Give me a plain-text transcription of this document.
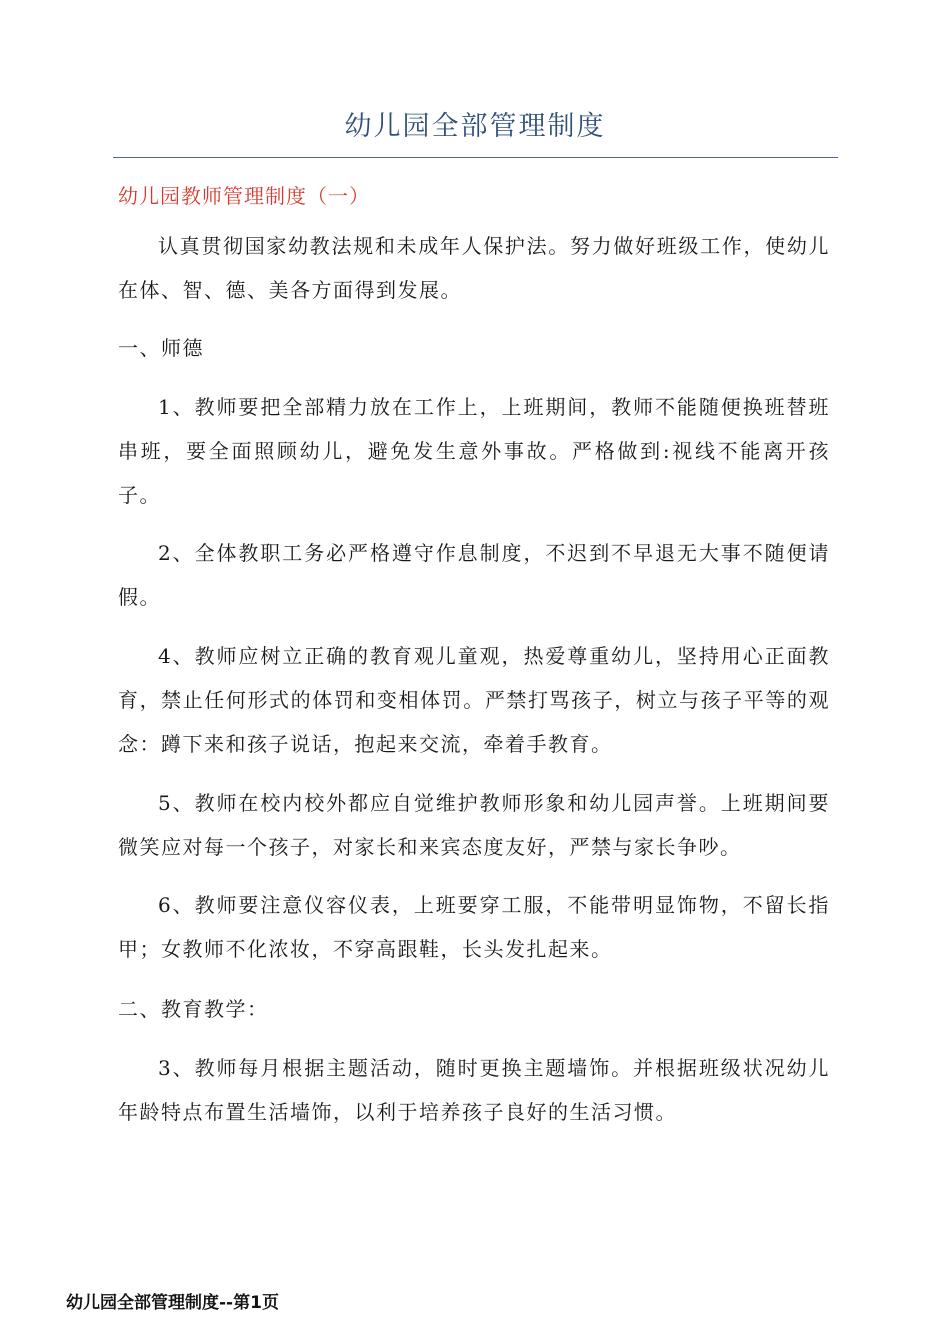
幼儿园全部管理制度
幼儿园教师管理制度（一）

认真贯彻国家幼教法规和未成年人保护法。努力做好班级工作，使幼儿在体、智、德、美各方面得到发展。

一、师德

1、教师要把全部精力放在工作上，上班期间，教师不能随便换班替班串班，要全面照顾幼儿，避免发生意外事故。严格做到:视线不能离开孩子。

2、全体教职工务必严格遵守作息制度，不迟到不早退无大事不随便请假。

4、教师应树立正确的教育观儿童观，热爱尊重幼儿，坚持用心正面教育，禁止任何形式的体罚和变相体罚。严禁打骂孩子，树立与孩子平等的观念：蹲下来和孩子说话，抱起来交流，牵着手教育。

5、教师在校内校外都应自觉维护教师形象和幼儿园声誉。上班期间要微笑应对每一个孩子，对家长和来宾态度友好，严禁与家长争吵。

6、教师要注意仪容仪表，上班要穿工服，不能带明显饰物，不留长指甲；女教师不化浓妆，不穿高跟鞋，长头发扎起来。

二、教育教学：

3、教师每月根据主题活动，随时更换主题墙饰。并根据班级状况幼儿年龄特点布置生活墙饰，以利于培养孩子良好的生活习惯。

幼儿园全部管理制度--第1页
